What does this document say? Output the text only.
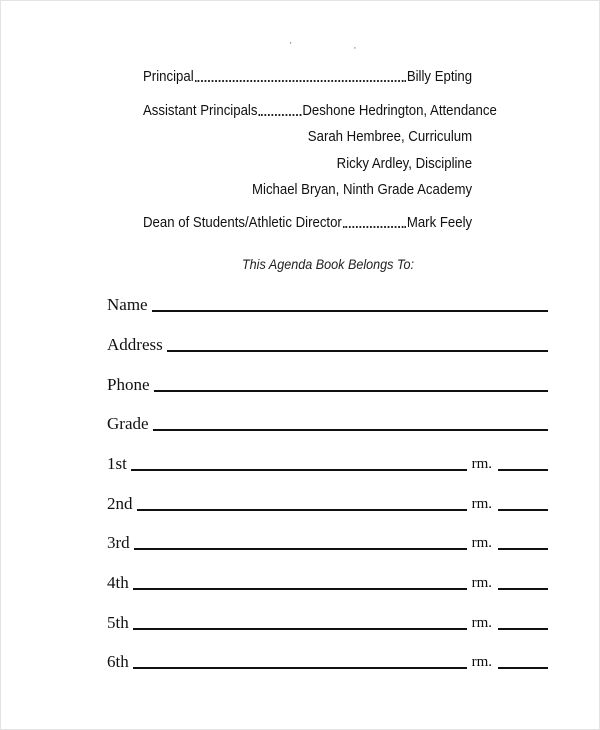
' ,
Principal	Billy Epting
Assistant Principals	Deshone Hedrington, Attendance
Sarah Hembree, Curriculum
Ricky Ardley, Discipline
Michael Bryan, Ninth Grade Academy
Dean of Students/Athletic Director	Mark Feely
This Agenda Book Belongs To:
Name
Address
Phone
Grade
1st	rm.
2nd	rm.
3rd	rm.
4th	rm.
5th	rm.
6th	rm.
